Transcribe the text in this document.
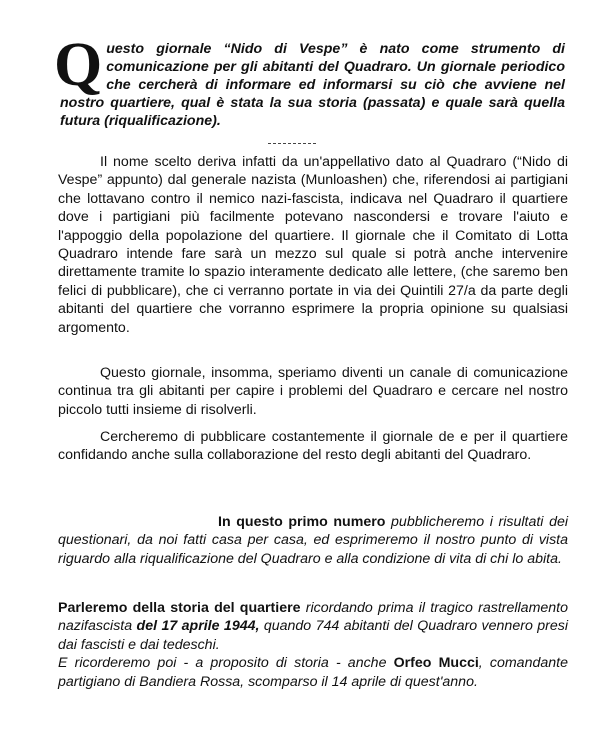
Questo giornale “Nido di Vespe” è nato come strumento di comunicazione per gli abitanti del Quadraro. Un giornale periodico che cercherà di informare ed informarsi su ciò che avviene nel nostro quartiere, qual è stata la sua storia (passata) e quale sarà quella futura (riqualificazione).
Il nome scelto deriva infatti da un'appellativo dato al Quadraro (“Nido di Vespe” appunto) dal generale nazista (Munloashen) che, riferendosi ai partigiani che lottavano contro il nemico nazi-fascista, indicava nel Quadraro il quartiere dove i partigiani più facilmente potevano nascondersi e trovare l'aiuto e l'appoggio della popolazione del quartiere. Il giornale che il Comitato di Lotta Quadraro intende fare sarà un mezzo sul quale si potrà anche intervenire direttamente tramite lo spazio interamente dedicato alle lettere, (che saremo ben felici di pubblicare), che ci verranno portate in via dei Quintili 27/a da parte degli abitanti del quartiere che vorranno esprimere la propria opinione su qualsiasi argomento.
Questo giornale, insomma, speriamo diventi un canale di comunicazione continua tra gli abitanti per capire i problemi del Quadraro e cercare nel nostro piccolo tutti insieme di risolverli.
Cercheremo di pubblicare costantemente il giornale de e per il quartiere confidando anche sulla collaborazione del resto degli abitanti del Quadraro.
In questo primo numero pubblicheremo i risultati dei questionari, da noi fatti casa per casa, ed esprimeremo il nostro punto di vista riguardo alla riqualificazione del Quadraro e alla condizione di vita di chi lo abita.
Parleremo della storia del quartiere ricordando prima il tragico rastrellamento nazifascista del 17 aprile 1944, quando 744 abitanti del Quadraro vennero presi dai fascisti e dai tedeschi.
E ricorderemo poi - a proposito di storia - anche Orfeo Mucci, comandante partigiano di Bandiera Rossa, scomparso il 14 aprile di quest'anno.
